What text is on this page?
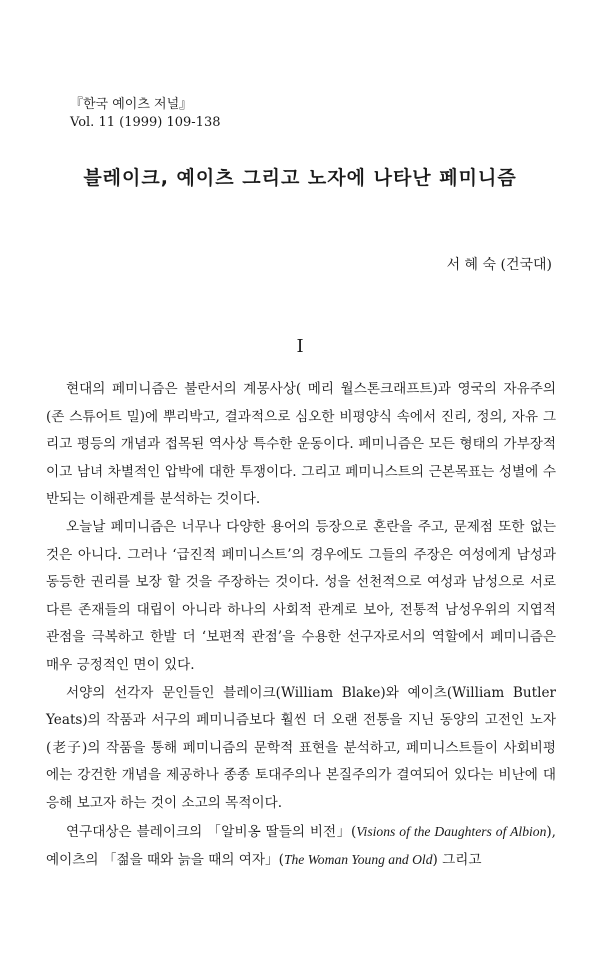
『한국 예이츠 저널』
Vol. 11 (1999) 109-138
블레이크, 예이츠 그리고 노자에 나타난 페미니즘
서 혜 숙 (건국대)
I

현대의 페미니즘은 불란서의 계몽사상( 메리 월스톤크래프트)과 영국의 자유주의(존 스튜어트 밀)에 뿌리박고, 결과적으로 심오한 비평양식 속에서 진리, 정의, 자유 그리고 평등의 개념과 접목된 역사상 특수한 운동이다. 페미니즘은 모든 형태의 가부장적이고 남녀 차별적인 압박에 대한 투쟁이다. 그리고 페미니스트의 근본목표는 성별에 수반되는 이해관계를 분석하는 것이다.

오늘날 페미니즘은 너무나 다양한 용어의 등장으로 혼란을 주고, 문제점 또한 없는 것은 아니다. 그러나 ‘급진적 페미니스트’의 경우에도 그들의 주장은 여성에게 남성과 동등한 권리를 보장 할 것을 주장하는 것이다. 성을 선천적으로 여성과 남성으로 서로 다른 존재들의 대립이 아니라 하나의 사회적 관계로 보아, 전통적 남성우위의 지엽적 관점을 극복하고 한발 더 ‘보편적 관점’을 수용한 선구자로서의 역할에서 페미니즘은 매우 긍정적인 면이 있다.

서양의 선각자 문인들인 블레이크(William Blake)와 예이츠(William Butler Yeats)의 작품과 서구의 페미니즘보다 훨씬 더 오랜 전통을 지닌 동양의 고전인 노자(老子)의 작품을 통해 페미니즘의 문학적 표현을 분석하고, 페미니스트들이 사회비평에는 강건한 개념을 제공하나 종종 토대주의나 본질주의가 결여되어 있다는 비난에 대응해 보고자 하는 것이 소고의 목적이다.

연구대상은 블레이크의 「알비옹 딸들의 비전」(Visions of the Daughters of Albion), 예이츠의 「젊을 때와 늙을 때의 여자」(The Woman Young and Old) 그리고
